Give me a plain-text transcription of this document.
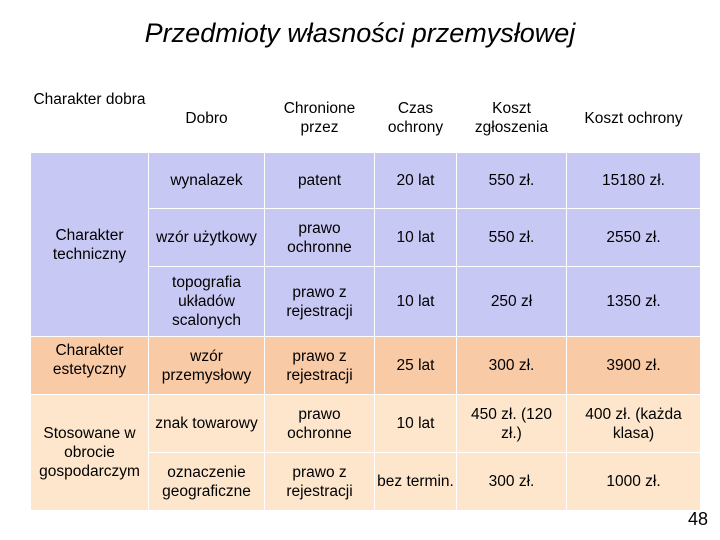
Przedmioty własności przemysłowej
Charakter dobra	Dobro	Chronione przez	Czas ochrony	Koszt zgłoszenia	Koszt ochrony
Charakter techniczny	wynalazek	patent	20 lat	550 zł.	15180 zł.
	wzór użytkowy	prawo ochronne	10 lat	550 zł.	2550 zł.
	topografia układów scalonych	prawo z rejestracji	10 lat	250 zł	1350 zł.
Charakter estetyczny	wzór przemysłowy	prawo z rejestracji	25 lat	300 zł.	3900 zł.
Stosowane w obrocie gospodarczym	znak towarowy	prawo ochronne	10 lat	450 zł. (120 zł.)	400 zł. (każda klasa)
	oznaczenie geograficzne	prawo z rejestracji	bez termin.	300 zł.	1000 zł.
48
